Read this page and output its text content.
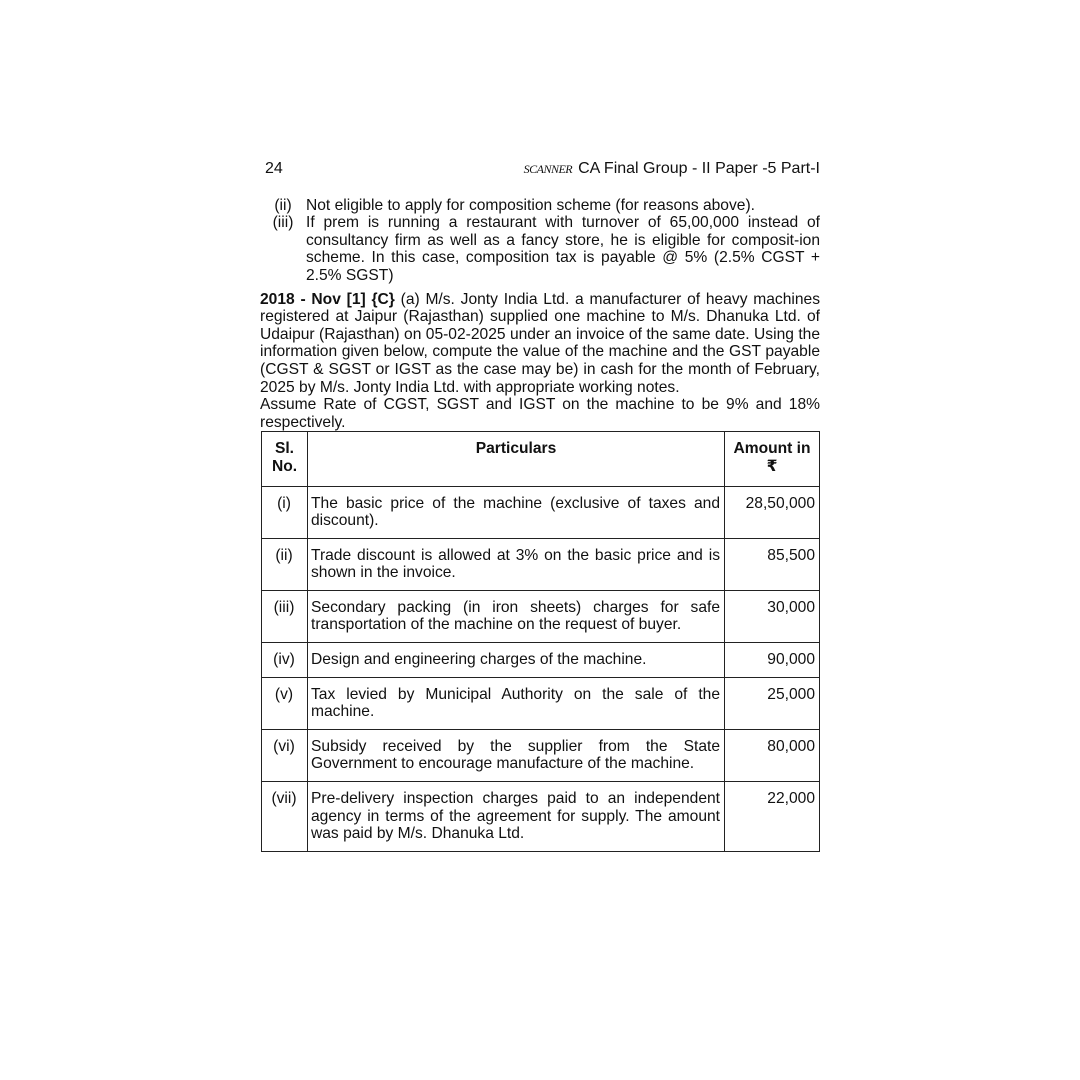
24	SCANNER CA Final Group - II Paper -5 Part-I
(ii) Not eligible to apply for composition scheme (for reasons above).
(iii) If prem is running a restaurant with turnover of 65,00,000 instead of consultancy firm as well as a fancy store, he is eligible for composit-ion scheme. In this case, composition tax is payable @ 5% (2.5% CGST + 2.5% SGST)
2018 - Nov [1] {C} (a) M/s. Jonty India Ltd. a manufacturer of heavy machines registered at Jaipur (Rajasthan) supplied one machine to M/s. Dhanuka Ltd. of Udaipur (Rajasthan) on 05-02-2025 under an invoice of the same date. Using the information given below, compute the value of the machine and the GST payable (CGST & SGST or IGST as the case may be) in cash for the month of February, 2025 by M/s. Jonty India Ltd. with appropriate working notes.
Assume Rate of CGST, SGST and IGST on the machine to be 9% and 18% respectively.
Sl. No.	Particulars	Amount in ₹
(i)	The basic price of the machine (exclusive of taxes and discount).	28,50,000
(ii)	Trade discount is allowed at 3% on the basic price and is shown in the invoice.	85,500
(iii)	Secondary packing (in iron sheets) charges for safe transportation of the machine on the request of buyer.	30,000
(iv)	Design and engineering charges of the machine.	90,000
(v)	Tax levied by Municipal Authority on the sale of the machine.	25,000
(vi)	Subsidy received by the supplier from the State Government to encourage manufacture of the machine.	80,000
(vii)	Pre-delivery inspection charges paid to an independent agency in terms of the agreement for supply. The amount was paid by M/s. Dhanuka Ltd.	22,000
